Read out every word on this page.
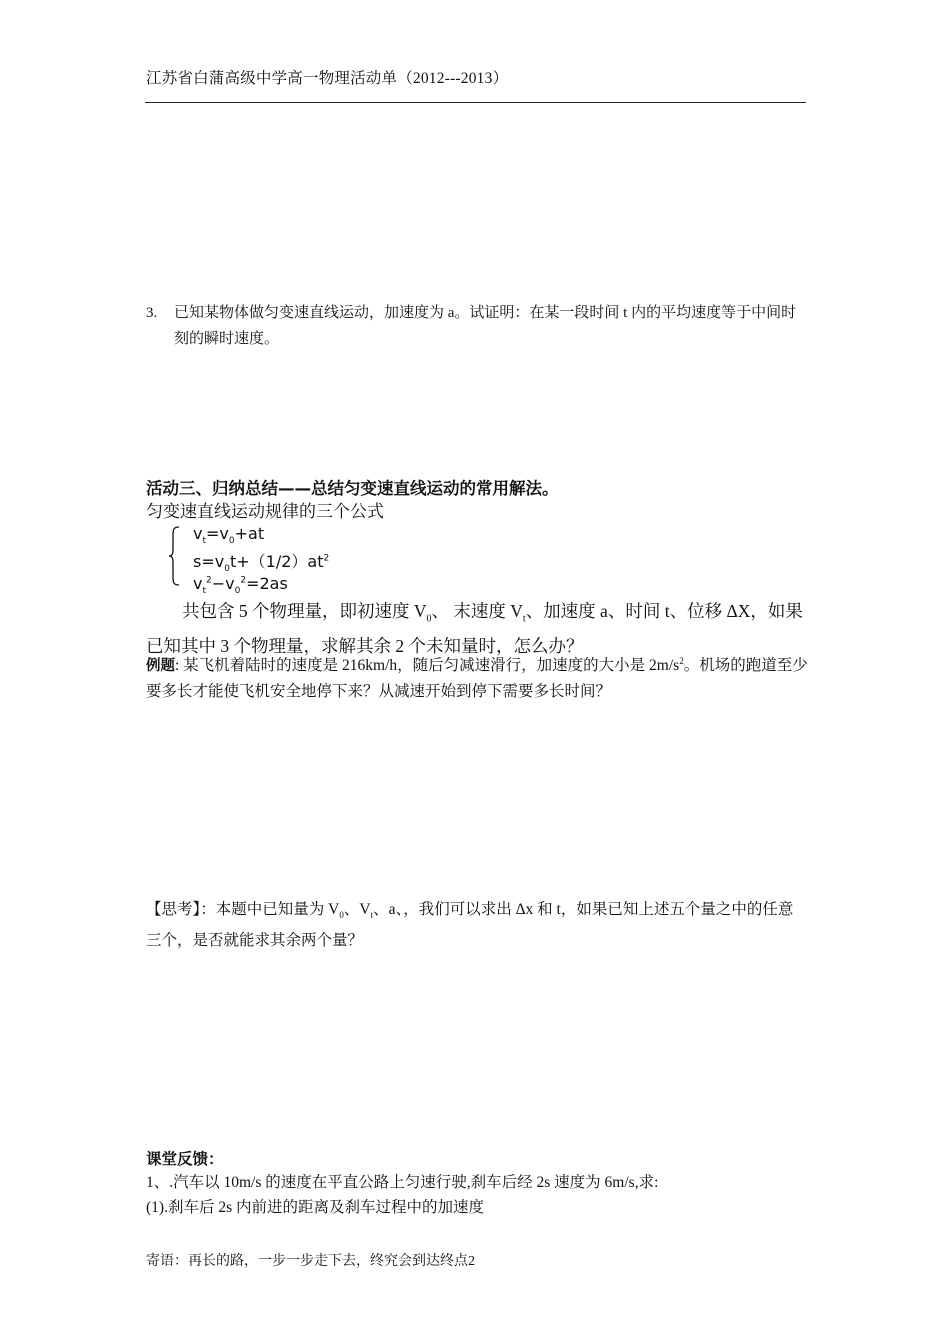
江苏省白蒲高级中学高一物理活动单（2012---2013）
3. 已知某物体做匀变速直线运动，加速度为 a。试证明：在某一段时间 t 内的平均速度等于中间时刻的瞬时速度。
活动三、归纳总结——总结匀变速直线运动的常用解法。
匀变速直线运动规律的三个公式
$v_t=v_0+at$
$s=v_0t+(1/2)at^2$
$v_t^2-v_0^2=2as$
共包含 5 个物理量，即初速度 $V_0$、 末速度 $V_t$、加速度 a、时间 t、位移 ΔX，如果已知其中 3 个物理量，求解其余 2 个未知量时，怎么办？
例题: 某飞机着陆时的速度是 216km/h，随后匀减速滑行，加速度的大小是 $2m/s^2$。机场的跑道至少要多长才能使飞机安全地停下来？从减速开始到停下需要多长时间？
【思考】：本题中已知量为 $V_0$、$V_t$、a、，我们可以求出 Δx 和 t，如果已知上述五个量之中的任意三个，是否就能求其余两个量？
课堂反馈：
1、.汽车以 10m/s 的速度在平直公路上匀速行驶,刹车后经 2s 速度为 6m/s,求:
(1).刹车后 2s 内前进的距离及刹车过程中的加速度
寄语：再长的路，一步一步走下去，终究会到达终点2
